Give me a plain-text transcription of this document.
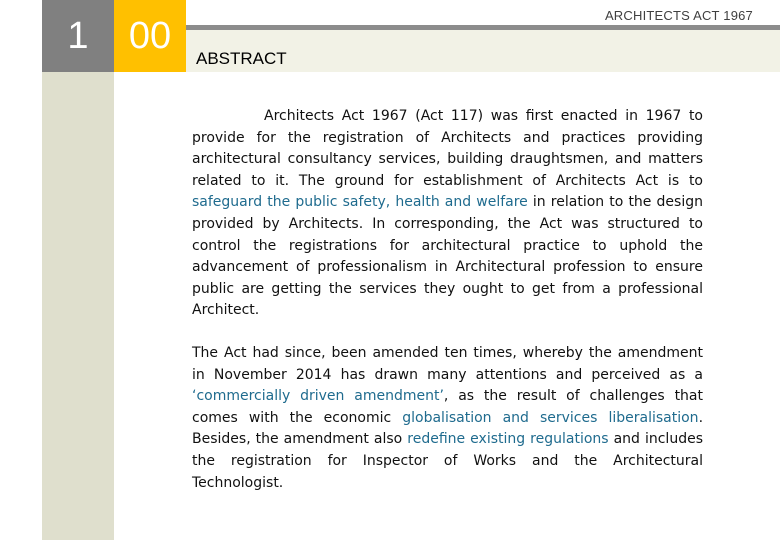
1	00	ARCHITECTS ACT 1967
ABSTRACT
Architects Act 1967 (Act 117) was first enacted in 1967 to provide for the registration of Architects and practices providing architectural consultancy services, building draughtsmen, and matters related to it. The ground for establishment of Architects Act is to safeguard the public safety, health and welfare in relation to the design provided by Architects. In corresponding, the Act was structured to control the registrations for architectural practice to uphold the advancement of professionalism in Architectural profession to ensure public are getting the services they ought to get from a professional Architect.
The Act had since, been amended ten times, whereby the amendment in November 2014 has drawn many attentions and perceived as a ‘commercially driven amendment’, as the result of challenges that comes with the economic globalisation and services liberalisation. Besides, the amendment also redefine existing regulations and includes the registration for Inspector of Works and the Architectural Technologist.
